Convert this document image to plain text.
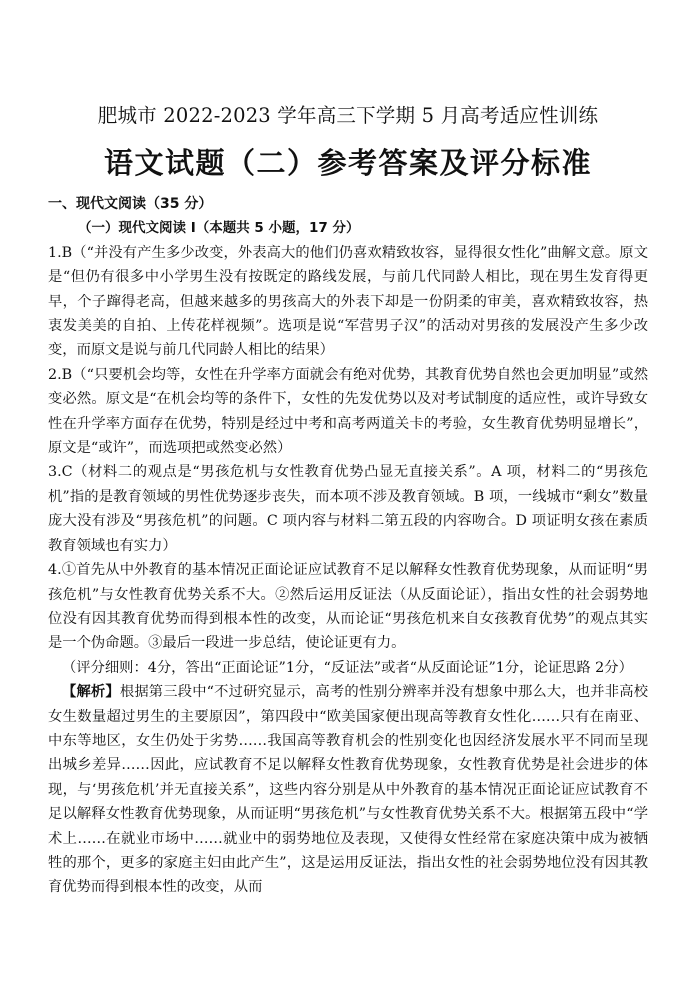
肥城市 2022-2023 学年高三下学期 5 月高考适应性训练
语文试题（二）参考答案及评分标准

一、现代文阅读（35 分）

（一）现代文阅读 I（本题共 5 小题，17 分）

1.B（“并没有产生多少改变，外表高大的他们仍喜欢精致妆容，显得很女性化”曲解文意。原文是“但仍有很多中小学男生没有按既定的路线发展，与前几代同龄人相比，现在男生发育得更早，个子蹿得老高，但越来越多的男孩高大的外表下却是一份阴柔的审美，喜欢精致妆容，热衷发美美的自拍、上传花样视频”。选项是说“军营男子汉”的活动对男孩的发展没产生多少改变，而原文是说与前几代同龄人相比的结果）

2.B（“只要机会均等，女性在升学率方面就会有绝对优势，其教育优势自然也会更加明显”或然变必然。原文是“在机会均等的条件下，女性的先发优势以及对考试制度的适应性，或许导致女性在升学率方面存在优势，特别是经过中考和高考两道关卡的考验，女生教育优势明显增长”，原文是“或许”，而选项把或然变必然）

3.C（材料二的观点是“男孩危机与女性教育优势凸显无直接关系”。A 项，材料二的“男孩危机”指的是教育领域的男性优势逐步丧失，而本项不涉及教育领域。B 项，一线城市“剩女”数量庞大没有涉及“男孩危机”的问题。C 项内容与材料二第五段的内容吻合。D 项证明女孩在素质教育领域也有实力）

4.①首先从中外教育的基本情况正面论证应试教育不足以解释女性教育优势现象，从而证明“男孩危机”与女性教育优势关系不大。②然后运用反证法（从反面论证），指出女性的社会弱势地位没有因其教育优势而得到根本性的改变，从而论证“男孩危机来自女孩教育优势”的观点其实是一个伪命题。③最后一段进一步总结，使论证更有力。

（评分细则：4分，答出“正面论证”1分，“反证法”或者“从反面论证”1分，论证思路 2分）

【解析】根据第三段中“不过研究显示，高考的性别分辨率并没有想象中那么大，也并非高校女生数量超过男生的主要原因”，第四段中“欧美国家便出现高等教育女性化……只有在南亚、中东等地区，女生仍处于劣势……我国高等教育机会的性别变化也因经济发展水平不同而呈现出城乡差异……因此，应试教育不足以解释女性教育优势现象，女性教育优势是社会进步的体现，与‘男孩危机’并无直接关系”，这些内容分别是从中外教育的基本情况正面论证应试教育不足以解释女性教育优势现象，从而证明“男孩危机”与女性教育优势关系不大。根据第五段中“学术上……在就业市场中……就业中的弱势地位及表现，又使得女性经常在家庭决策中成为被牺牲的那个，更多的家庭主妇由此产生”，这是运用反证法，指出女性的社会弱势地位没有因其教育优势而得到根本性的改变，从而
